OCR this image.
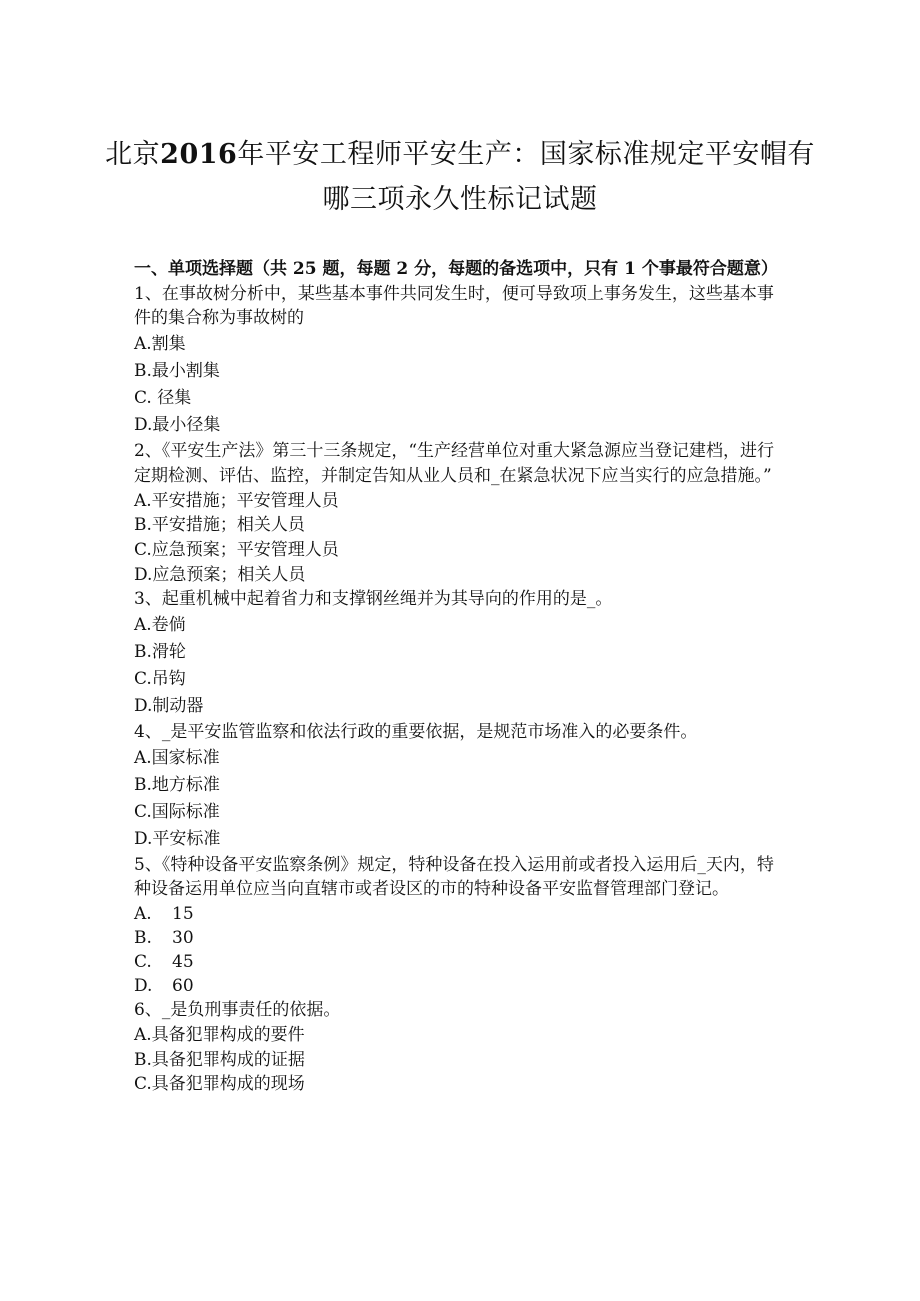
北京2016年平安工程师平安生产：国家标准规定平安帽有
哪三项永久性标记试题

一、单项选择题（共 25 题，每题 2 分，每题的备选项中，只有 1 个事最符合题意）

1、在事故树分析中，某些基本事件共同发生时，便可导致项上事务发生，这些基本事件的集合称为事故树的

A.割集

B.最小割集

C. 径集

D.最小径集

2、《平安生产法》第三十三条规定，“生产经营单位对重大紧急源应当登记建档，进行定期检测、评估、监控，并制定告知从业人员和_在紧急状况下应当实行的应急措施。”

A.平安措施；平安管理人员

B.平安措施；相关人员

C.应急预案；平安管理人员

D.应急预案；相关人员

3、起重机械中起着省力和支撑钢丝绳并为其导向的作用的是_。

A.卷倘

B.滑轮

C.吊钩

D.制动器

4、_是平安监管监察和依法行政的重要依据，是规范市场准入的必要条件。

A.国家标准

B.地方标准

C.国际标准

D.平安标准

5、《特种设备平安监察条例》规定，特种设备在投入运用前或者投入运用后_天内，特种设备运用单位应当向直辖市或者设区的市的特种设备平安监督管理部门登记。

A. 15

B. 30

C. 45

D. 60

6、_是负刑事责任的依据。

A.具备犯罪构成的要件

B.具备犯罪构成的证据

C.具备犯罪构成的现场
